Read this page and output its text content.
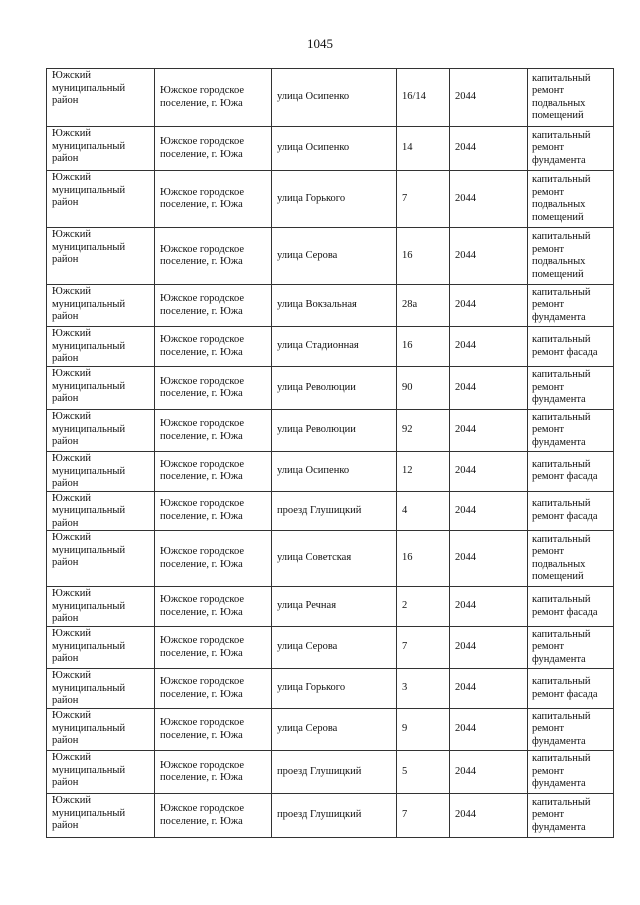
1045
Южский муниципальный район	Южское городское поселение, г. Южа	улица Осипенко	16/14	2044	капитальный ремонт подвальных помещений
Южский муниципальный район	Южское городское поселение, г. Южа	улица Осипенко	14	2044	капитальный ремонт фундамента
Южский муниципальный район	Южское городское поселение, г. Южа	улица Горького	7	2044	капитальный ремонт подвальных помещений
Южский муниципальный район	Южское городское поселение, г. Южа	улица Серова	16	2044	капитальный ремонт подвальных помещений
Южский муниципальный район	Южское городское поселение, г. Южа	улица Вокзальная	28а	2044	капитальный ремонт фундамента
Южский муниципальный район	Южское городское поселение, г. Южа	улица Стадионная	16	2044	капитальный ремонт фасада
Южский муниципальный район	Южское городское поселение, г. Южа	улица Революции	90	2044	капитальный ремонт фундамента
Южский муниципальный район	Южское городское поселение, г. Южа	улица Революции	92	2044	капитальный ремонт фундамента
Южский муниципальный район	Южское городское поселение, г. Южа	улица Осипенко	12	2044	капитальный ремонт фасада
Южский муниципальный район	Южское городское поселение, г. Южа	проезд Глушицкий	4	2044	капитальный ремонт фасада
Южский муниципальный район	Южское городское поселение, г. Южа	улица Советская	16	2044	капитальный ремонт подвальных помещений
Южский муниципальный район	Южское городское поселение, г. Южа	улица Речная	2	2044	капитальный ремонт фасада
Южский муниципальный район	Южское городское поселение, г. Южа	улица Серова	7	2044	капитальный ремонт фундамента
Южский муниципальный район	Южское городское поселение, г. Южа	улица Горького	3	2044	капитальный ремонт фасада
Южский муниципальный район	Южское городское поселение, г. Южа	улица Серова	9	2044	капитальный ремонт фундамента
Южский муниципальный район	Южское городское поселение, г. Южа	проезд Глушицкий	5	2044	капитальный ремонт фундамента
Южский муниципальный район	Южское городское поселение, г. Южа	проезд Глушицкий	7	2044	капитальный ремонт фундамента
